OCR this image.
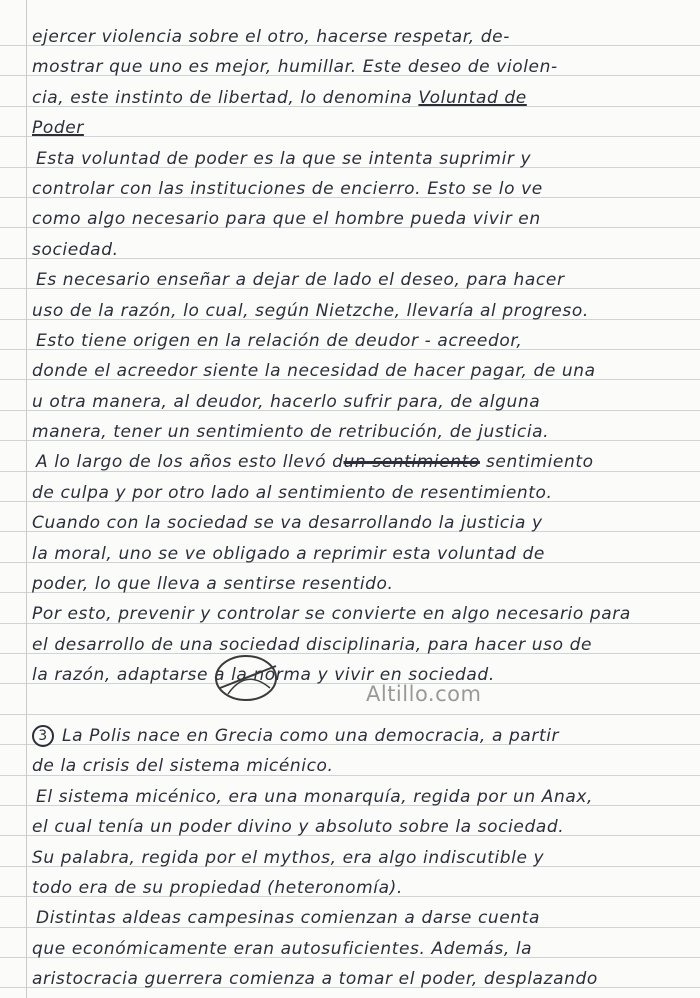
ejercer violencia sobre el otro, hacerse respetar, de-
mostrar que uno es mejor, humillar. Este deseo de violen-
cia, este instinto de libertad, lo denomina Voluntad de
Poder
Esta voluntad de poder es la que se intenta suprimir y
controlar con las instituciones de encierro. Esto se lo ve
como algo necesario para que el hombre pueda vivir en
sociedad.
Es necesario enseñar a dejar de lado el deseo, para hacer
uso de la razón, lo cual, según Nietzche, llevaría al progreso.
Esto tiene origen en la relación de deudor - acreedor,
donde el acreedor siente la necesidad de hacer pagar, de una
u otra manera, al deudor, hacerlo sufrir para, de alguna
manera, tener un sentimiento de retribución, de justicia.
A lo largo de los años esto llevó dun sentimiento sentimiento
de culpa y por otro lado al sentimiento de resentimiento.
Cuando con la sociedad se va desarrollando la justicia y
la moral, uno se ve obligado a reprimir esta voluntad de
poder, lo que lleva a sentirse resentido.
Por esto, prevenir y controlar se convierte en algo necesario para
el desarrollo de una sociedad disciplinaria, para hacer uso de
la razón, adaptarse a la norma y vivir en sociedad.
3 La Polis nace en Grecia como una democracia, a partir
de la crisis del sistema micénico.
El sistema micénico, era una monarquía, regida por un Anax,
el cual tenía un poder divino y absoluto sobre la sociedad.
Su palabra, regida por el mythos, era algo indiscutible y
todo era de su propiedad (heteronomía).
Distintas aldeas campesinas comienzan a darse cuenta
que económicamente eran autosuficientes. Además, la
aristocracia guerrera comienza a tomar el poder, desplazando
Altillo.com
